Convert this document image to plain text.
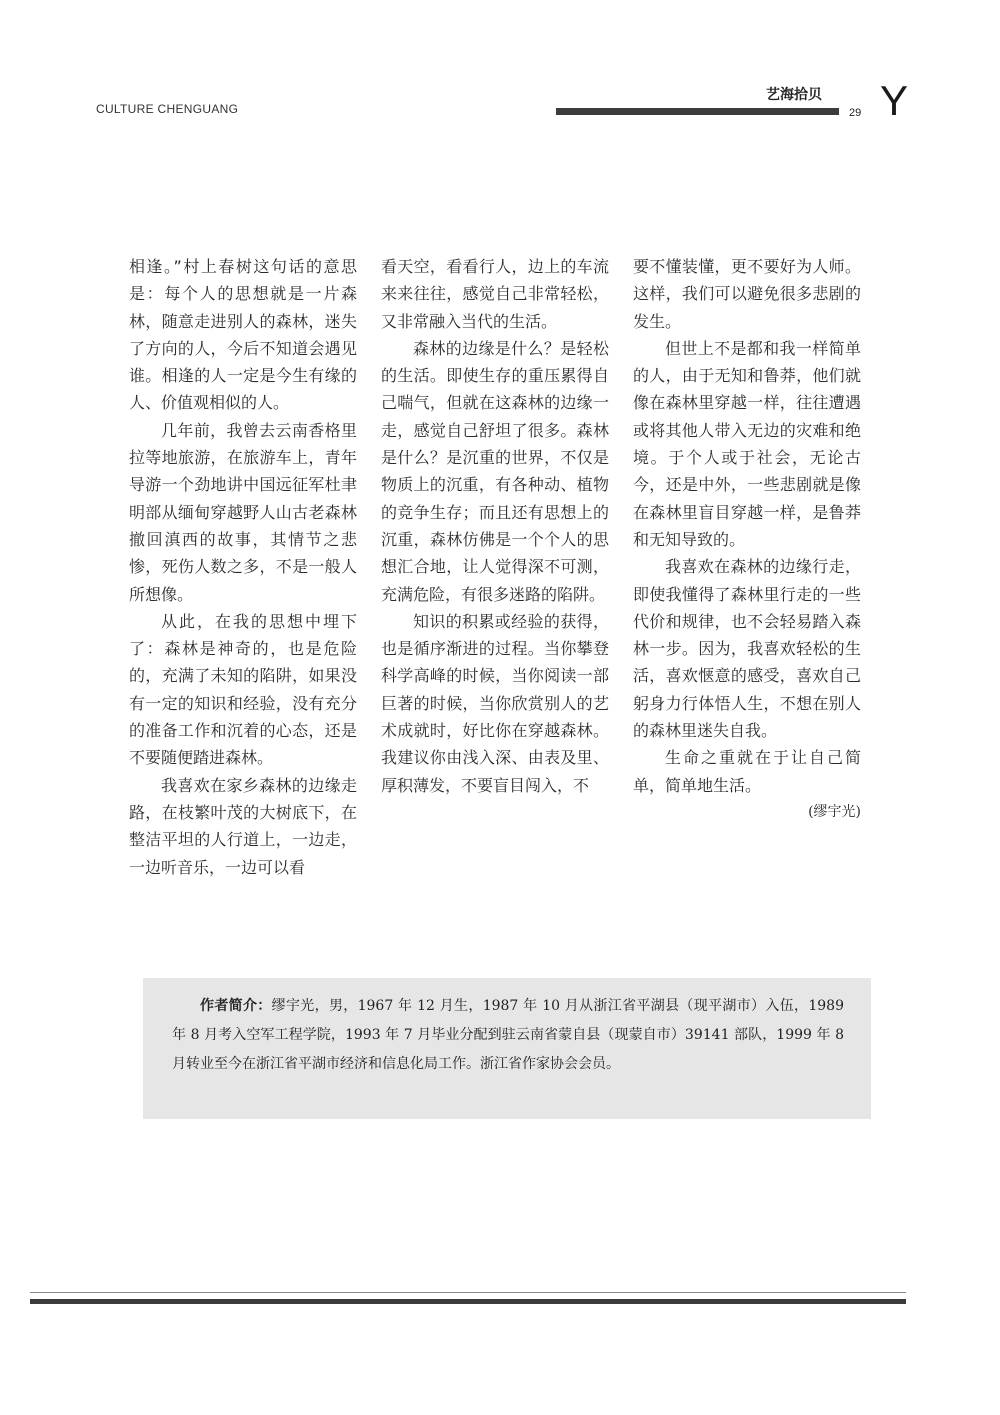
CULTURE CHENGUANG
艺海拾贝
29 Y

相逢。”村上春树这句话的意思是：每个人的思想就是一片森林，随意走进别人的森林，迷失了方向的人，今后不知道会遇见谁。相逢的人一定是今生有缘的人、价值观相似的人。

几年前，我曾去云南香格里拉等地旅游，在旅游车上，青年导游一个劲地讲中国远征军杜聿明部从缅甸穿越野人山古老森林撤回滇西的故事，其情节之悲惨，死伤人数之多，不是一般人所想像。

从此，在我的思想中埋下了：森林是神奇的，也是危险的，充满了未知的陷阱，如果没有一定的知识和经验，没有充分的准备工作和沉着的心态，还是不要随便踏进森林。

我喜欢在家乡森林的边缘走路，在枝繁叶茂的大树底下，在整洁平坦的人行道上，一边走，一边听音乐，一边可以看

看天空，看看行人，边上的车流来来往往，感觉自己非常轻松，又非常融入当代的生活。

森林的边缘是什么？是轻松的生活。即使生存的重压累得自己喘气，但就在这森林的边缘一走，感觉自己舒坦了很多。森林是什么？是沉重的世界，不仅是物质上的沉重，有各种动、植物的竞争生存；而且还有思想上的沉重，森林仿佛是一个个人的思想汇合地，让人觉得深不可测，充满危险，有很多迷路的陷阱。

知识的积累或经验的获得，也是循序渐进的过程。当你攀登科学高峰的时候，当你阅读一部巨著的时候，当你欣赏别人的艺术成就时，好比你在穿越森林。我建议你由浅入深、由表及里、厚积薄发，不要盲目闯入，不

要不懂装懂，更不要好为人师。这样，我们可以避免很多悲剧的发生。

但世上不是都和我一样简单的人，由于无知和鲁莽，他们就像在森林里穿越一样，往往遭遇或将其他人带入无边的灾难和绝境。于个人或于社会，无论古今，还是中外，一些悲剧就是像在森林里盲目穿越一样，是鲁莽和无知导致的。

我喜欢在森林的边缘行走，即使我懂得了森林里行走的一些代价和规律，也不会轻易踏入森林一步。因为，我喜欢轻松的生活，喜欢惬意的感受，喜欢自己躬身力行体悟人生，不想在别人的森林里迷失自我。

生命之重就在于让自己简单，简单地生活。

(缪宇光)

作者简介：缪宇光，男，1967 年 12 月生，1987 年 10 月从浙江省平湖县（现平湖市）入伍，1989 年 8 月考入空军工程学院，1993 年 7 月毕业分配到驻云南省蒙自县（现蒙自市）39141 部队，1999 年 8 月转业至今在浙江省平湖市经济和信息化局工作。浙江省作家协会会员。
